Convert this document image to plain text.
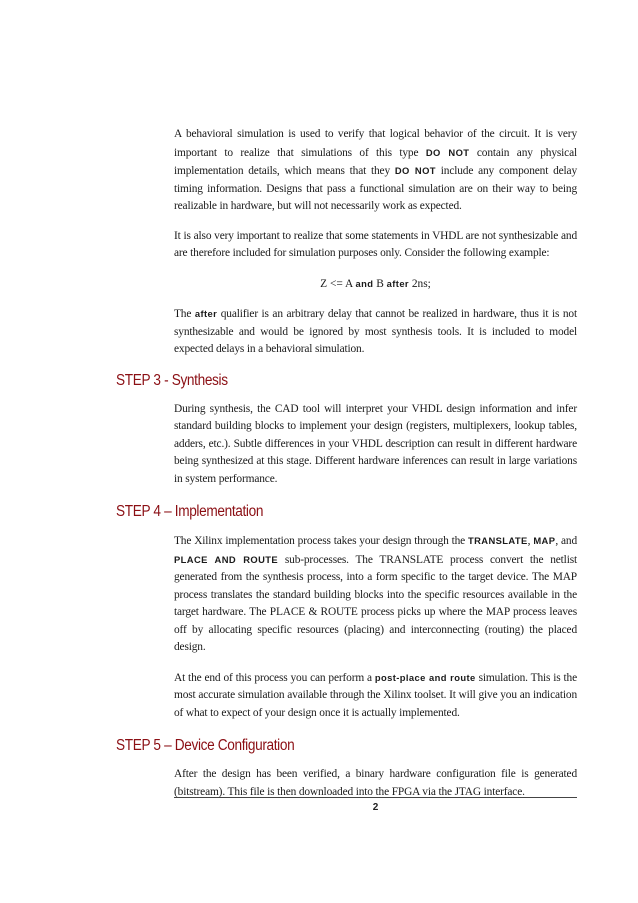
A behavioral simulation is used to verify that logical behavior of the circuit. It is very important to realize that simulations of this type DO NOT contain any physical implementation details, which means that they DO NOT include any component delay timing information. Designs that pass a functional simulation are on their way to being realizable in hardware, but will not necessarily work as expected.

It is also very important to realize that some statements in VHDL are not synthesizable and are therefore included for simulation purposes only. Consider the following example:

Z <= A and B after 2ns;

The after qualifier is an arbitrary delay that cannot be realized in hardware, thus it is not synthesizable and would be ignored by most synthesis tools. It is included to model expected delays in a behavioral simulation.

STEP 3 - Synthesis

During synthesis, the CAD tool will interpret your VHDL design information and infer standard building blocks to implement your design (registers, multiplexers, lookup tables, adders, etc.). Subtle differences in your VHDL description can result in different hardware being synthesized at this stage. Different hardware inferences can result in large variations in system performance.

STEP 4 – Implementation

The Xilinx implementation process takes your design through the TRANSLATE, MAP, and PLACE AND ROUTE sub-processes. The TRANSLATE process convert the netlist generated from the synthesis process, into a form specific to the target device. The MAP process translates the standard building blocks into the specific resources available in the target hardware. The PLACE & ROUTE process picks up where the MAP process leaves off by allocating specific resources (placing) and interconnecting (routing) the placed design.

At the end of this process you can perform a post-place and route simulation. This is the most accurate simulation available through the Xilinx toolset. It will give you an indication of what to expect of your design once it is actually implemented.

STEP 5 – Device Configuration

After the design has been verified, a binary hardware configuration file is generated (bitstream). This file is then downloaded into the FPGA via the JTAG interface.

2
